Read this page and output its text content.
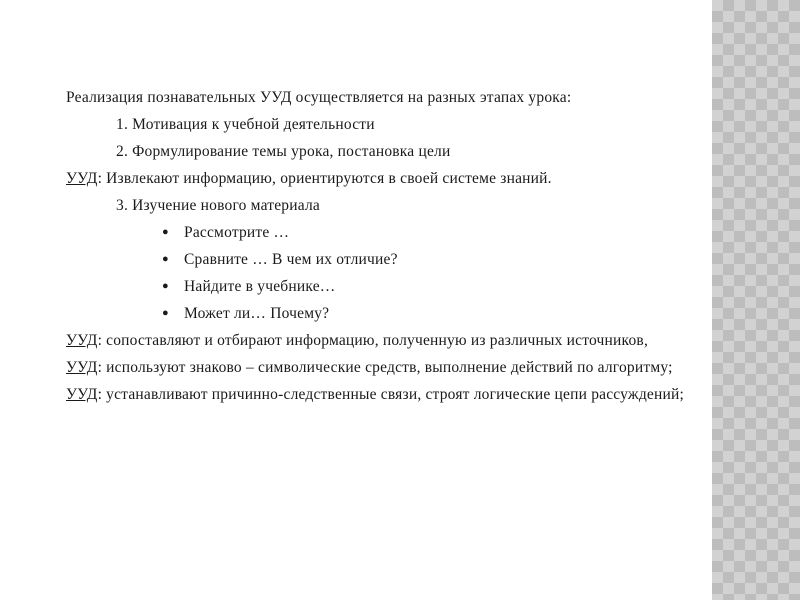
Реализация познавательных УУД осуществляется на разных этапах урока:
1. Мотивация к учебной деятельности
2. Формулирование темы урока, постановка цели
УУД: Извлекают информацию, ориентируются в своей системе знаний.
3. Изучение нового материала
● Рассмотрите …
● Сравните … В чем их отличие?
● Найдите в учебнике…
● Может ли… Почему?

УУД: сопоставляют и отбирают информацию, полученную из различных источников,

УУД: используют знаково – символические средств, выполнение действий по алгоритму;

УУД: устанавливают причинно-следственные связи, строят логические цепи рассуждений;
